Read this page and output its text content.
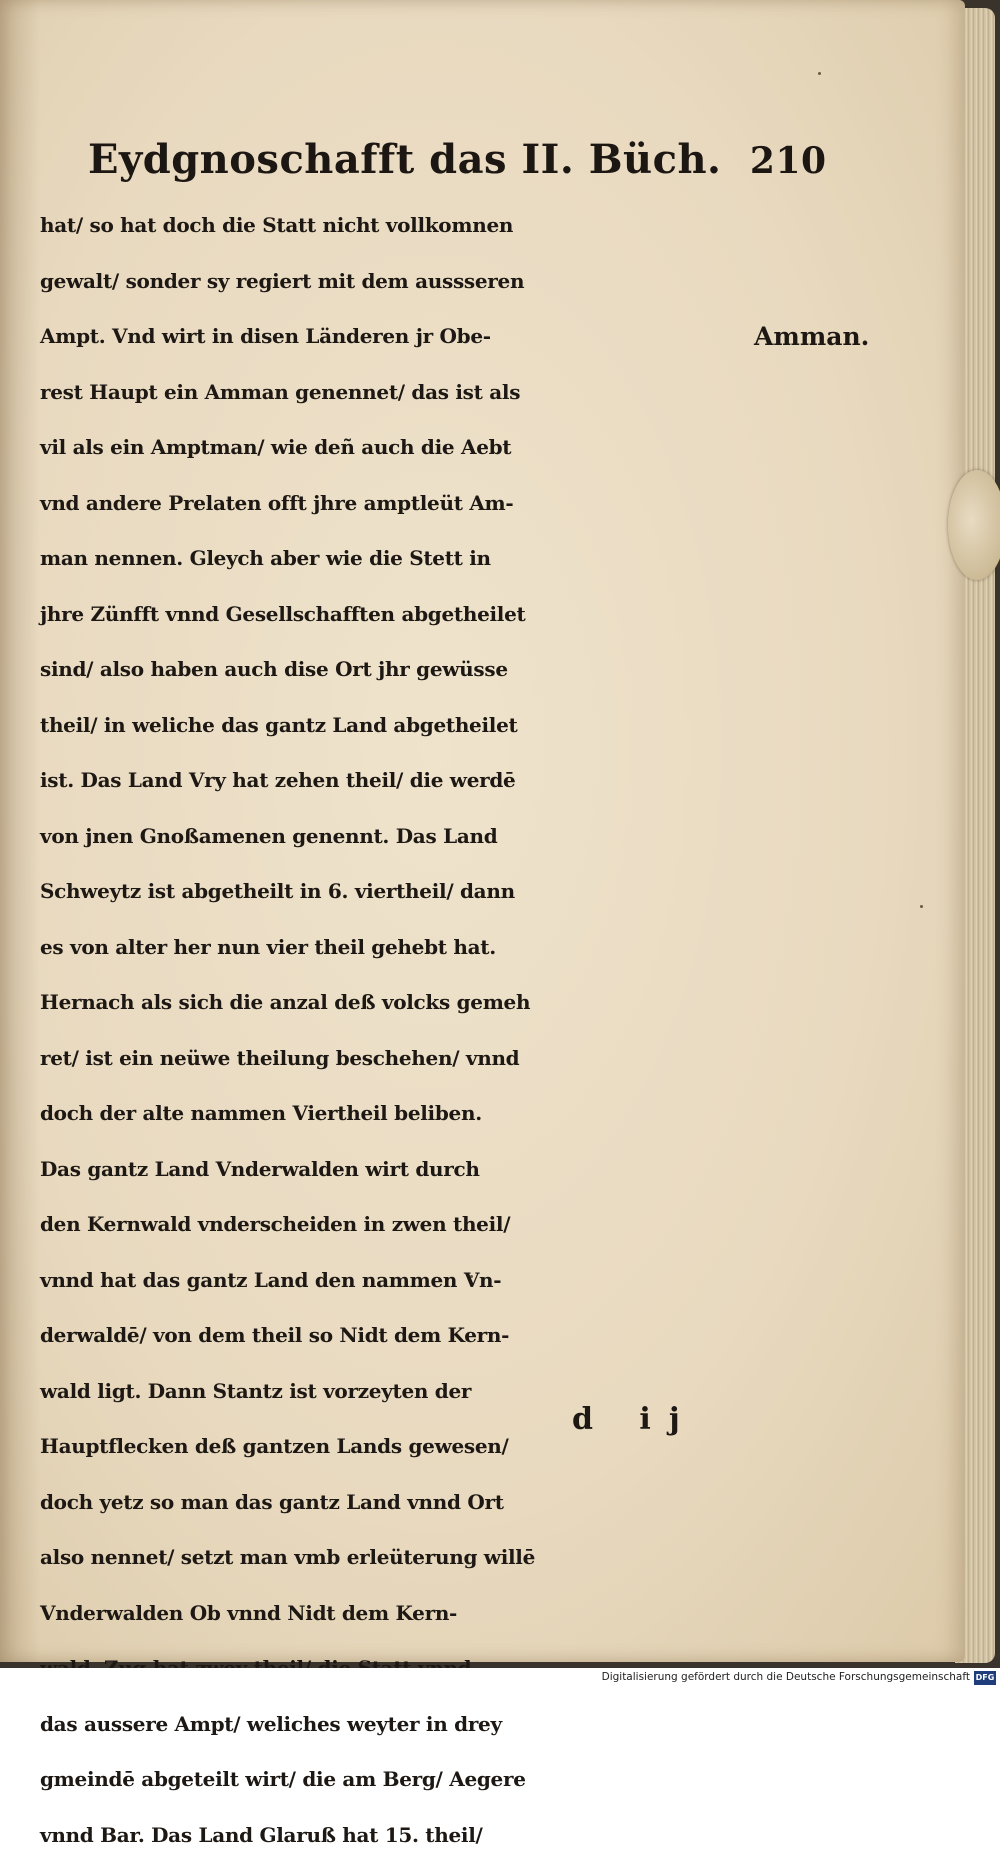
Eydgnoschafft das II. Büch. 210
Amman.
hat/ so hat doch die Statt nicht vollkomnen
gewalt/ sonder sy regiert mit dem aussseren
Ampt. Vnd wirt in disen Länderen jr Obe-
rest Haupt ein Amman genennet/ das ist als
vil als ein Amptman/ wie deñ auch die Aebt
vnd andere Prelaten offt jhre amptleüt Am-
man nennen. Gleych aber wie die Stett in
jhre Zünfft vnnd Gesellschafften abgetheilet
sind/ also haben auch dise Ort jhr gewüsse
theil/ in weliche das gantz Land abgetheilet
ist. Das Land Vry hat zehen theil/ die werdē
von jnen Gnoßamenen genennt. Das Land
Schweytz ist abgetheilt in 6. viertheil/ dann
es von alter her nun vier theil gehebt hat.
Hernach als sich die anzal deß volcks gemeh
ret/ ist ein neüwe theilung beschehen/ vnnd
doch der alte nammen Viertheil beliben.
Das gantz Land Vnderwalden wirt durch
den Kernwald vnderscheiden in zwen theil/
vnnd hat das gantz Land den nammen Vn-
derwaldē/ von dem theil so Nidt dem Kern-
wald ligt. Dann Stantz ist vorzeyten der
Hauptflecken deß gantzen Lands gewesen/
doch yetz so man das gantz Land vnnd Ort
also nennet/ setzt man vmb erleüterung willē
Vnderwalden Ob vnnd Nidt dem Kern-
das aussere Ampt/ weliches weyter in drey
gmeindē abgeteilt wirt/ die am Berg/ Aegere
vnnd Bar. Das Land Glaruß hat 15. theil/
d ij
Digitalisierung gefördert durch die Deutsche Forschungsgemeinschaft DFG
